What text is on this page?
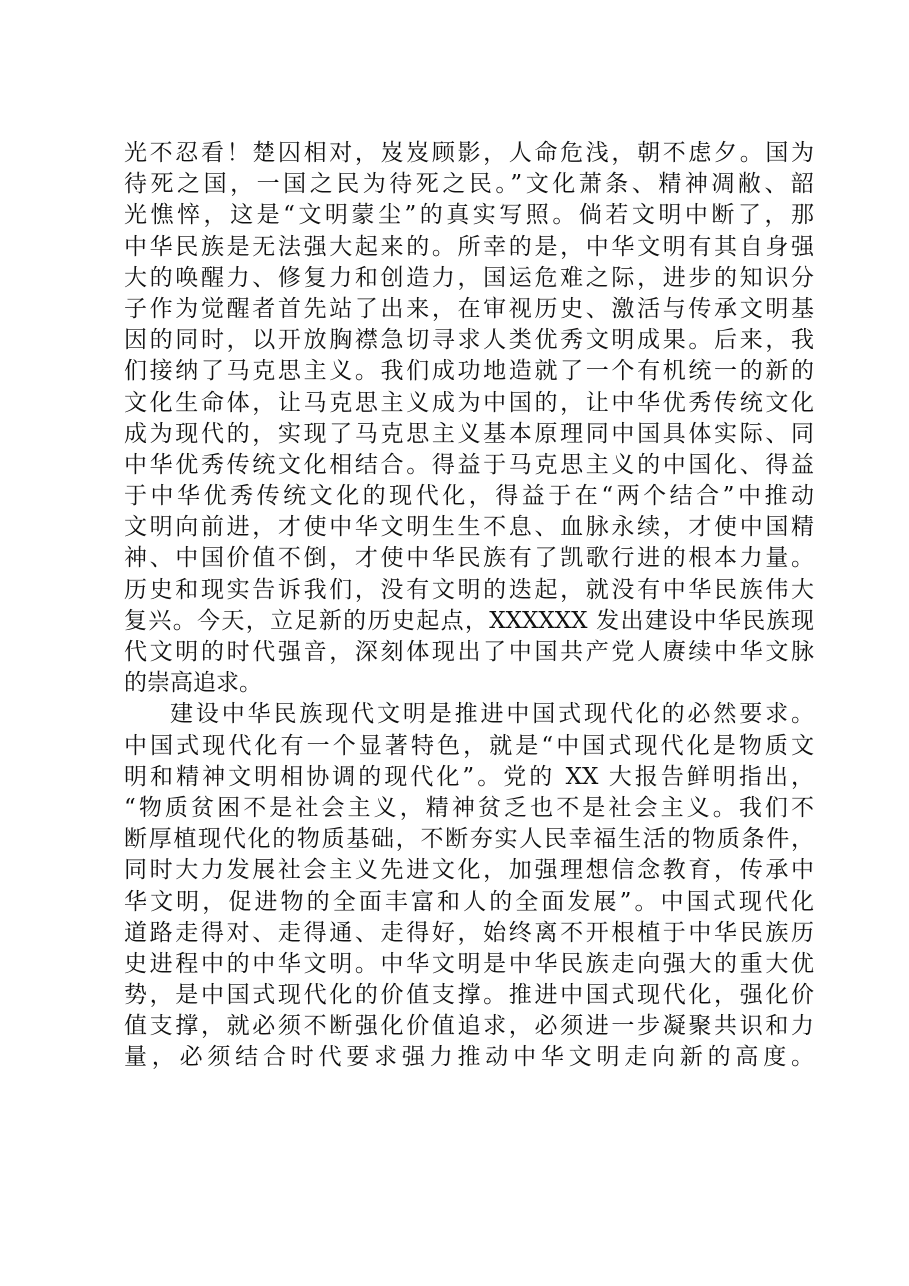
光不忍看！楚囚相对，岌岌顾影，人命危浅，朝不虑夕。国为
待死之国，一国之民为待死之民。”文化萧条、精神凋敝、韶
光憔悴，这是“文明蒙尘”的真实写照。倘若文明中断了，那
中华民族是无法强大起来的。所幸的是，中华文明有其自身强
大的唤醒力、修复力和创造力，国运危难之际，进步的知识分
子作为觉醒者首先站了出来，在审视历史、激活与传承文明基
因的同时，以开放胸襟急切寻求人类优秀文明成果。后来，我
们接纳了马克思主义。我们成功地造就了一个有机统一的新的
文化生命体，让马克思主义成为中国的，让中华优秀传统文化
成为现代的，实现了马克思主义基本原理同中国具体实际、同
中华优秀传统文化相结合。得益于马克思主义的中国化、得益
于中华优秀传统文化的现代化，得益于在“两个结合”中推动
文明向前进，才使中华文明生生不息、血脉永续，才使中国精
神、中国价值不倒，才使中华民族有了凯歌行进的根本力量。
历史和现实告诉我们，没有文明的迭起，就没有中华民族伟大
复兴。今天，立足新的历史起点，XXXXXX 发出建设中华民族现
代文明的时代强音，深刻体现出了中国共产党人赓续中华文脉
的崇高追求。
建设中华民族现代文明是推进中国式现代化的必然要求。
中国式现代化有一个显著特色，就是“中国式现代化是物质文
明和精神文明相协调的现代化”。党的 XX 大报告鲜明指出，
“物质贫困不是社会主义，精神贫乏也不是社会主义。我们不
断厚植现代化的物质基础，不断夯实人民幸福生活的物质条件，
同时大力发展社会主义先进文化，加强理想信念教育，传承中
华文明，促进物的全面丰富和人的全面发展”。中国式现代化
道路走得对、走得通、走得好，始终离不开根植于中华民族历
史进程中的中华文明。中华文明是中华民族走向强大的重大优
势，是中国式现代化的价值支撑。推进中国式现代化，强化价
值支撑，就必须不断强化价值追求，必须进一步凝聚共识和力
量，必须结合时代要求强力推动中华文明走向新的高度。
